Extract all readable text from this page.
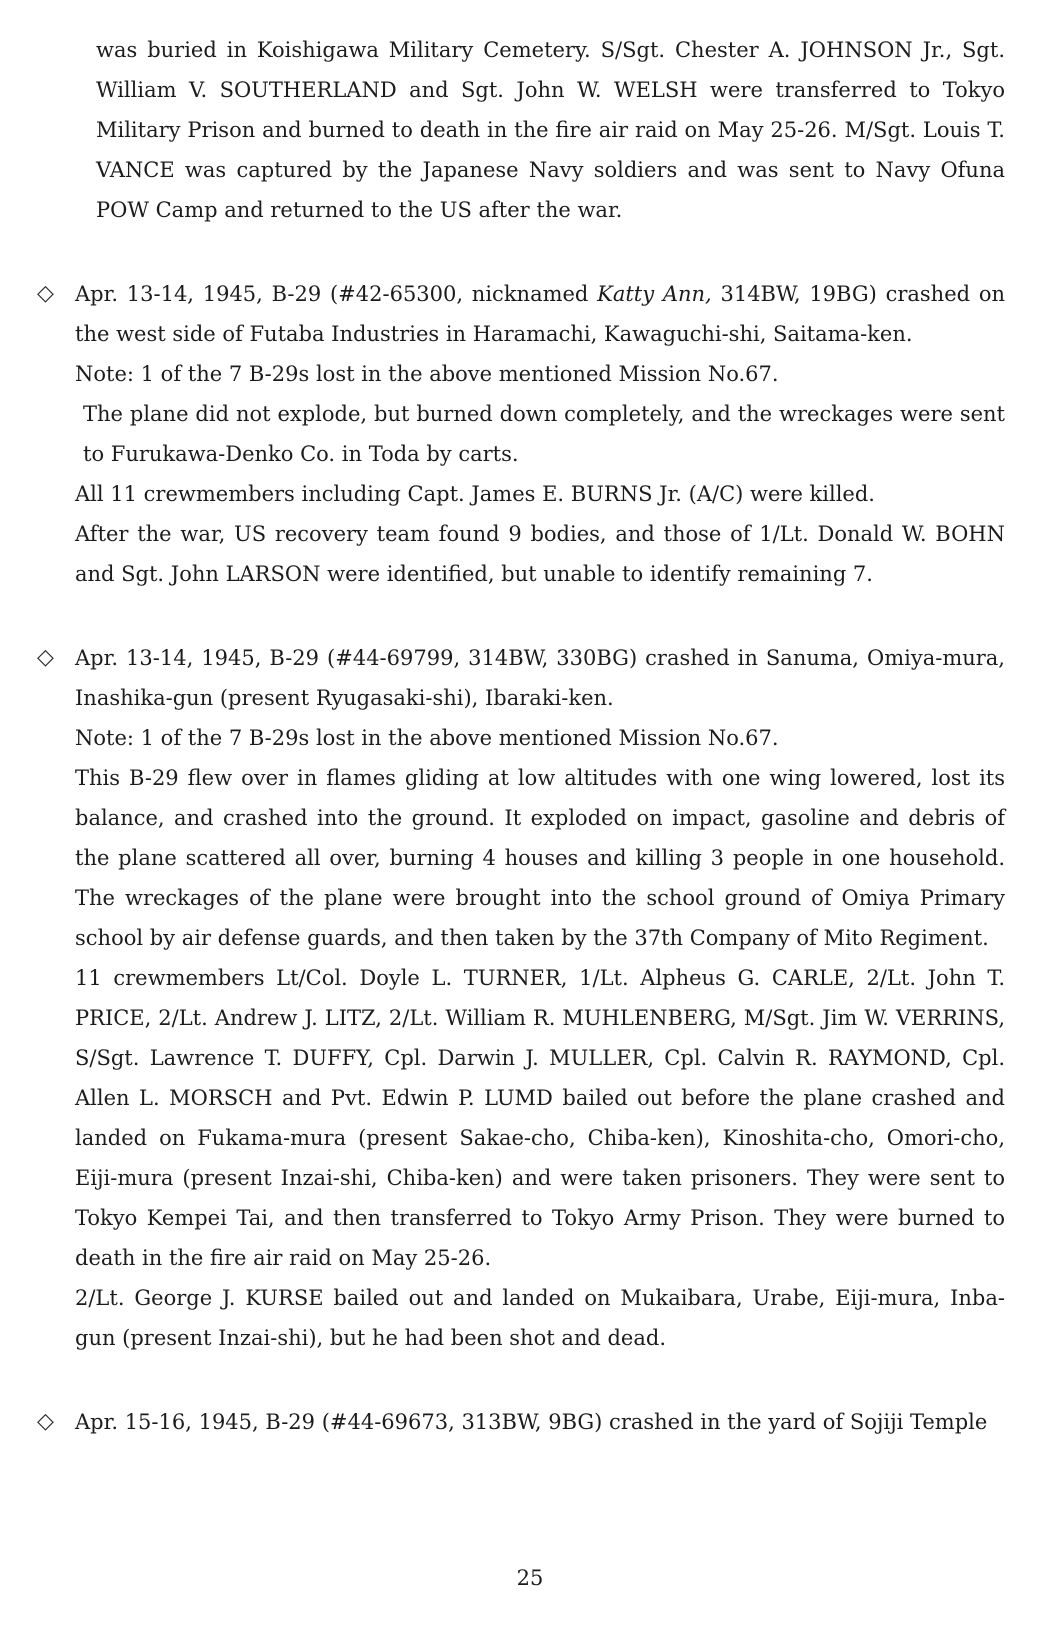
was buried in Koishigawa Military Cemetery. S/Sgt. Chester A. JOHNSON Jr., Sgt. William V. SOUTHERLAND and Sgt. John W. WELSH were transferred to Tokyo Military Prison and burned to death in the fire air raid on May 25-26. M/Sgt. Louis T. VANCE was captured by the Japanese Navy soldiers and was sent to Navy Ofuna POW Camp and returned to the US after the war.

◇ Apr. 13-14, 1945, B-29 (#42-65300, nicknamed Katty Ann, 314BW, 19BG) crashed on the west side of Futaba Industries in Haramachi, Kawaguchi-shi, Saitama-ken.

Note: 1 of the 7 B-29s lost in the above mentioned Mission No.67.

The plane did not explode, but burned down completely, and the wreckages were sent to Furukawa-Denko Co. in Toda by carts.

All 11 crewmembers including Capt. James E. BURNS Jr. (A/C) were killed.

After the war, US recovery team found 9 bodies, and those of 1/Lt. Donald W. BOHN and Sgt. John LARSON were identified, but unable to identify remaining 7.

◇ Apr. 13-14, 1945, B-29 (#44-69799, 314BW, 330BG) crashed in Sanuma, Omiya-mura, Inashika-gun (present Ryugasaki-shi), Ibaraki-ken.

Note: 1 of the 7 B-29s lost in the above mentioned Mission No.67.

This B-29 flew over in flames gliding at low altitudes with one wing lowered, lost its balance, and crashed into the ground. It exploded on impact, gasoline and debris of the plane scattered all over, burning 4 houses and killing 3 people in one household. The wreckages of the plane were brought into the school ground of Omiya Primary school by air defense guards, and then taken by the 37th Company of Mito Regiment.

11 crewmembers Lt/Col. Doyle L. TURNER, 1/Lt. Alpheus G. CARLE, 2/Lt. John T. PRICE, 2/Lt. Andrew J. LITZ, 2/Lt. William R. MUHLENBERG, M/Sgt. Jim W. VERRINS, S/Sgt. Lawrence T. DUFFY, Cpl. Darwin J. MULLER, Cpl. Calvin R. RAYMOND, Cpl. Allen L. MORSCH and Pvt. Edwin P. LUMD bailed out before the plane crashed and landed on Fukama-mura (present Sakae-cho, Chiba-ken), Kinoshita-cho, Omori-cho, Eiji-mura (present Inzai-shi, Chiba-ken) and were taken prisoners. They were sent to Tokyo Kempei Tai, and then transferred to Tokyo Army Prison. They were burned to death in the fire air raid on May 25-26.

2/Lt. George J. KURSE bailed out and landed on Mukaibara, Urabe, Eiji-mura, Inba-gun (present Inzai-shi), but he had been shot and dead.

◇ Apr. 15-16, 1945, B-29 (#44-69673, 313BW, 9BG) crashed in the yard of Sojiji Temple

25
